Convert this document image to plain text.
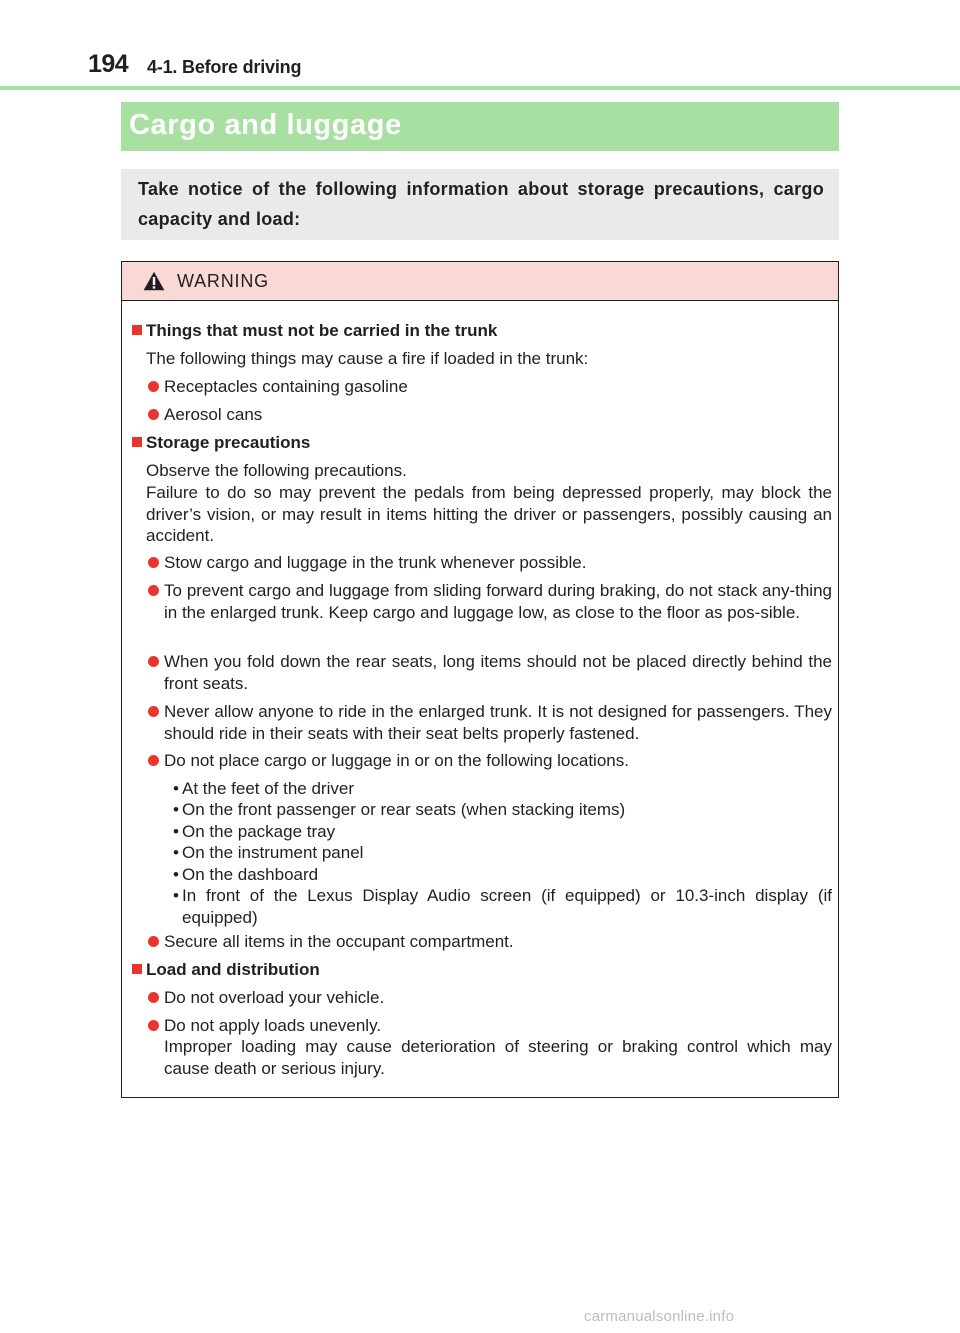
194 4-1. Before driving
Cargo and luggage
Take notice of the following information about storage precautions, cargo capacity and load:
WARNING
Things that must not be carried in the trunk
The following things may cause a fire if loaded in the trunk:
Receptacles containing gasoline
Aerosol cans
Storage precautions
Observe the following precautions.
Failure to do so may prevent the pedals from being depressed properly, may block the driver’s vision, or may result in items hitting the driver or passengers, possibly causing an accident.
Stow cargo and luggage in the trunk whenever possible.
To prevent cargo and luggage from sliding forward during braking, do not stack any-thing in the enlarged trunk. Keep cargo and luggage low, as close to the floor as pos-sible.
When you fold down the rear seats, long items should not be placed directly behind the front seats.
Never allow anyone to ride in the enlarged trunk. It is not designed for passengers. They should ride in their seats with their seat belts properly fastened.
Do not place cargo or luggage in or on the following locations.
• At the feet of the driver
• On the front passenger or rear seats (when stacking items)
• On the package tray
• On the instrument panel
• On the dashboard
• In front of the Lexus Display Audio screen (if equipped) or 10.3-inch display (if equipped)
Secure all items in the occupant compartment.
Load and distribution
Do not overload your vehicle.
Do not apply loads unevenly.
Improper loading may cause deterioration of steering or braking control which may cause death or serious injury.
carmanualsonline.info
